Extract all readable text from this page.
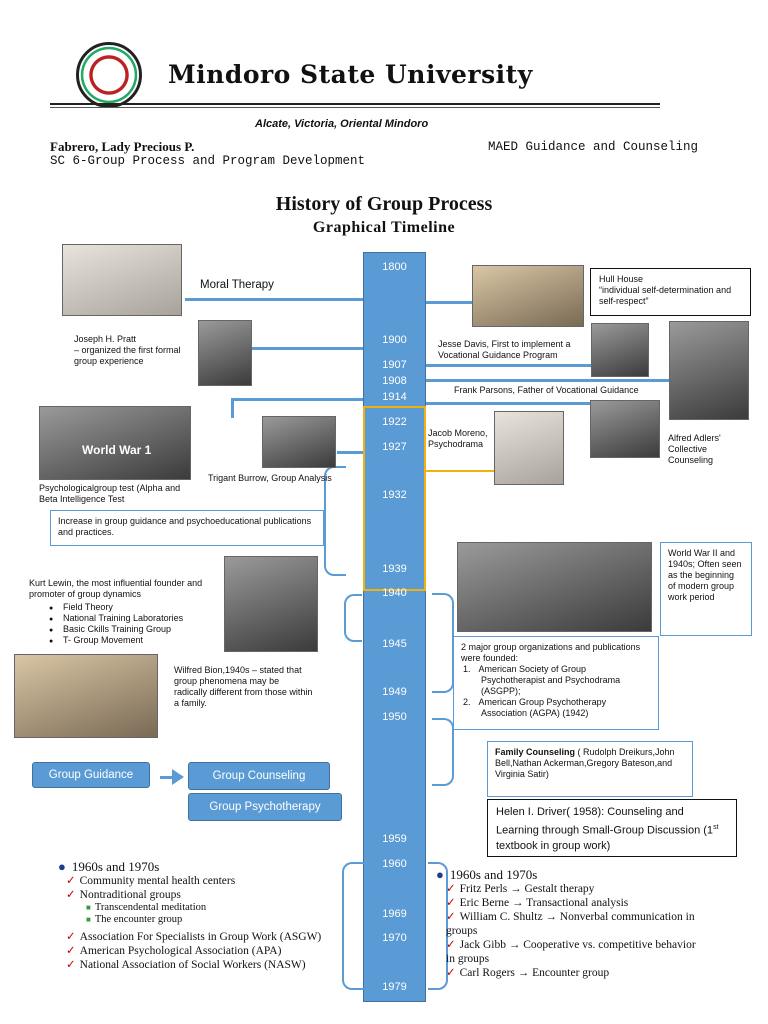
Mindoro State University
Alcate, Victoria, Oriental Mindoro
Fabrero, Lady Precious P.
SC 6-Group Process and Program Development
MAED Guidance and Counseling
History of Group Process
Graphical Timeline
1800
1900
1907
1908
1914
1922
1927
1932
1939
1940
1945
1949
1950
1959
1960
1969
1970
1979
Moral Therapy	Hull House
“individual self-determination and self-respect”
Joseph H. Pratt
– organized the first formal group experience
Jesse Davis, First to implement a Vocational Guidance Program
Frank Parsons, Father of Vocational Guidance
World War 1
Trigant Burrow, Group Analysis
Psychologicalgroup test (Alpha and Beta Intelligence Test
Jacob Moreno, Psychodrama
Alfred Adlers' Collective Counseling
Increase in group guidance and psychoeducational publications and practices.
Kurt Lewin, the most influential founder and promoter of group dynamics
● Field Theory
● National Training Laboratories
● Basic Ckills Training Group
● T- Group Movement
World War II and 1940s; Often seen as the beginning of modern group work period
2 major group organizations and publications were founded:
1. American Society of Group Psychotherapist and Psychodrama (ASGPP);
2. American Group Psychotherapy Association (AGPA) (1942)
Wilfred Bion,1940s – stated that group phenomena may be radically different from those within a family.
Family Counseling ( Rudolph Dreikurs,John Bell,Nathan Ackerman,Gregory Bateson,and Virginia Satir)
Group Guidance	Group Counseling
Group Psychotherapy	Helen I. Driver( 1958): Counseling and Learning through Small-Group Discussion (1st textbook in group work)
● 1960s and 1970s
✓ Community mental health centers
✓ Nontraditional groups
■ Transcendental meditation
■ The encounter group
✓ Association For Specialists in Group Work (ASGW)
✓ American Psychological Association (APA)
✓ National Association of Social Workers (NASW)
● 1960s and 1970s
✓ Fritz Perls → Gestalt therapy
✓ Eric Berne → Transactional analysis
✓ William C. Shultz → Nonverbal communication in groups
✓ Jack Gibb → Cooperative vs. competitive behavior in groups
✓ Carl Rogers → Encounter group
